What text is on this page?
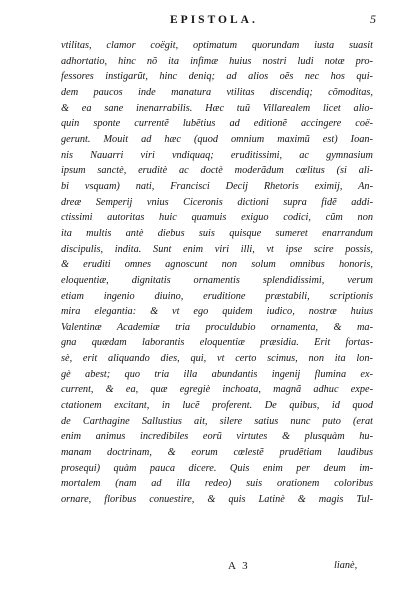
EPISTOLA.	5
vtilitas, clamor coëgit, optimatum quorundam iusta suasit
adhortatio, hinc nõ ita infimæ huius nostri ludi notæ pro-
fessores instigarũt, hinc deniq; ad alios oẽs nec hos qui-
dem paucos inde manatura vtilitas discendiq; cõmoditas,
& ea sane inenarrabilis. Hæc tuũ Villarealem licet alio-
quin sponte currentẽ lubẽtius ad editionẽ accingere coë-
gerunt. Mouit ad hæc (quod omnium maximũ est) Ioan-
nis Nauarri viri vndiquaq; eruditissimi, ac gymnasium
ipsum sanctè, eruditè ac doctè moderãdum cœlitus (si ali-
bi vsquam) nati, Francisci Decij Rhetoris eximij, An-
dreæ Semperij vnius Ciceronis dictioni supra fidẽ addi-
ctissimi autoritas huic quamuis exiguo codici, cũm non
ita multis antè diebus suis quisque sumeret enarrandum
discipulis, indita. Sunt enim viri illi, vt ipse scire possis,
& eruditi omnes agnoscunt non solum omnibus honoris,
eloquentiæ, dignitatis ornamentis splendidissimi, verum
etiam ingenio diuino, eruditione præstabili, scriptionis
mira elegantia: & vt ego quidem iudico, nostræ huius
Valentinæ Academiæ tria proculdubio ornamenta, & ma-
gna quædam laborantis eloquentiæ præsidia. Erit fortas-
sè, erit aliquando dies, qui, vt certo scimus, non ita lon-
gè abest; quo tria illa abundantis ingenij flumina ex-
current, & ea, quæ egregiè inchoata, magnã adhuc expe-
ctationem excitant, in lucẽ proferent. De quibus, id quod
de Carthagine Sallustius ait, silere satius nunc puto (erat
enim animus incredibiles eorũ virtutes & plusquàm hu-
manam doctrinam, & eorum cœlestẽ prudẽtiam laudibus
prosequi) quàm pauca dicere. Quis enim per deum im-
mortalem (nam ad illa redeo) suis orationem coloribus
ornare, floribus conuestire, & quis Latinè & magis Tul-
A 3	lianè,
